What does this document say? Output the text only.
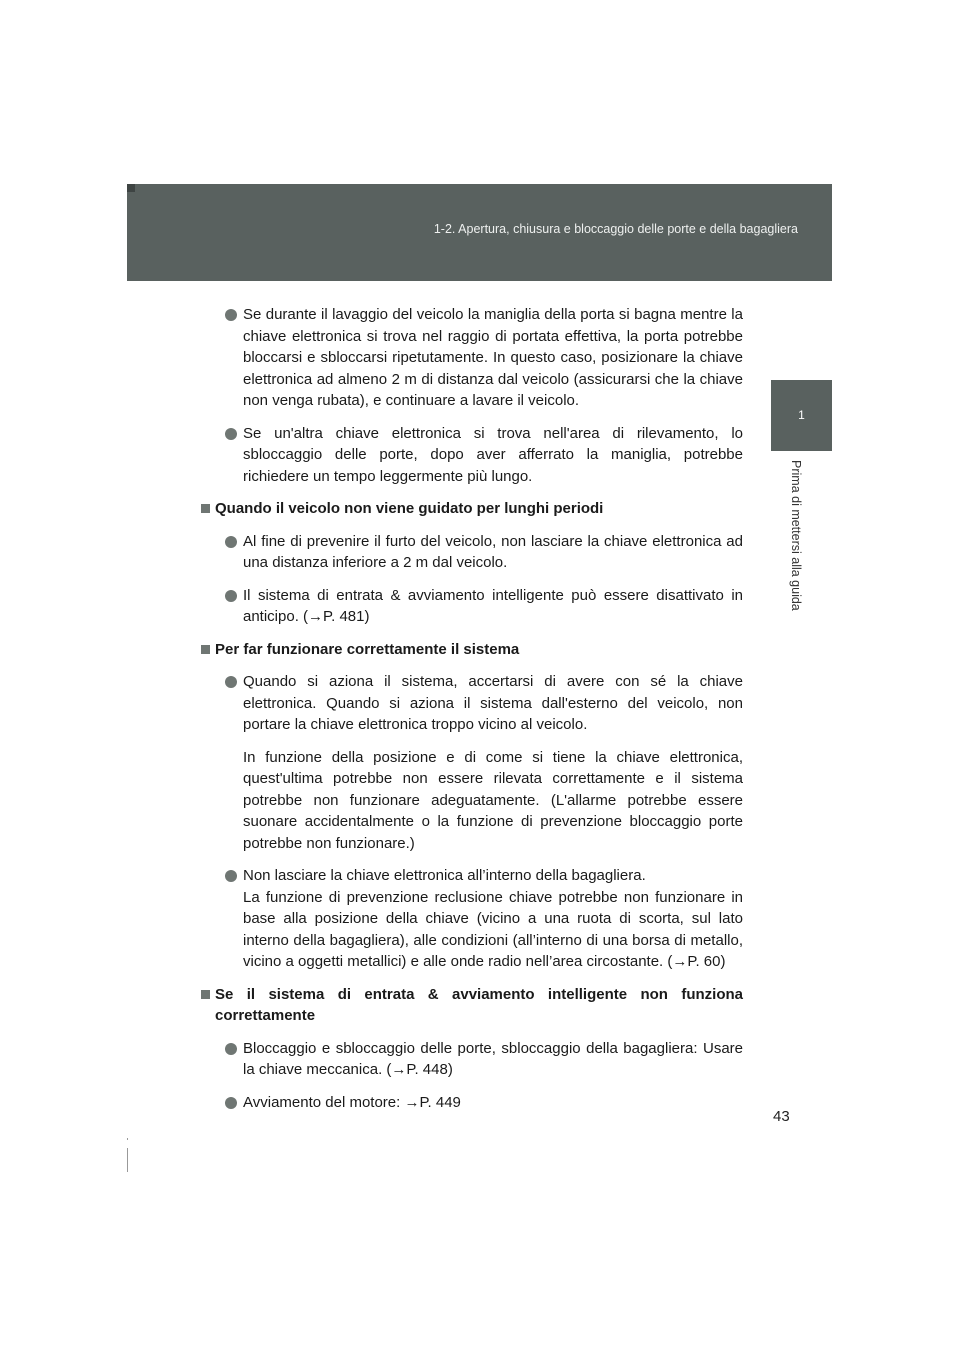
1-2. Apertura, chiusura e bloccaggio delle porte e della bagagliera
1
Prima di mettersi alla guida

Se durante il lavaggio del veicolo la maniglia della porta si bagna mentre la chiave elettronica si trova nel raggio di portata effettiva, la porta potrebbe bloccarsi e sbloccarsi ripetutamente. In questo caso, posizionare la chiave elettronica ad almeno 2 m di distanza dal veicolo (assicurarsi che la chiave non venga rubata), e continuare a lavare il veicolo.

Se un'altra chiave elettronica si trova nell'area di rilevamento, lo sbloccaggio delle porte, dopo aver afferrato la maniglia, potrebbe richiedere un tempo leggermente più lungo.

Quando il veicolo non viene guidato per lunghi periodi

Al fine di prevenire il furto del veicolo, non lasciare la chiave elettronica ad una distanza inferiore a 2 m dal veicolo.

Il sistema di entrata & avviamento intelligente può essere disattivato in anticipo. (→P. 481)

Per far funzionare correttamente il sistema

Quando si aziona il sistema, accertarsi di avere con sé la chiave elettronica. Quando si aziona il sistema dall'esterno del veicolo, non portare la chiave elettronica troppo vicino al veicolo.

In funzione della posizione e di come si tiene la chiave elettronica, quest'ultima potrebbe non essere rilevata correttamente e il sistema potrebbe non funzionare adeguatamente. (L'allarme potrebbe essere suonare accidentalmente o la funzione di prevenzione bloccaggio porte potrebbe non funzionare.)

Non lasciare la chiave elettronica all’interno della bagagliera.

La funzione di prevenzione reclusione chiave potrebbe non funzionare in base alla posizione della chiave (vicino a una ruota di scorta, sul lato interno della bagagliera), alle condizioni (all’interno di una borsa di metallo, vicino a oggetti metallici) e alle onde radio nell’area circostante. (→P. 60)

Se il sistema di entrata & avviamento intelligente non funziona correttamente

Bloccaggio e sbloccaggio delle porte, sbloccaggio della bagagliera: Usare la chiave meccanica. (→P. 448)

Avviamento del motore: →P. 449

43
